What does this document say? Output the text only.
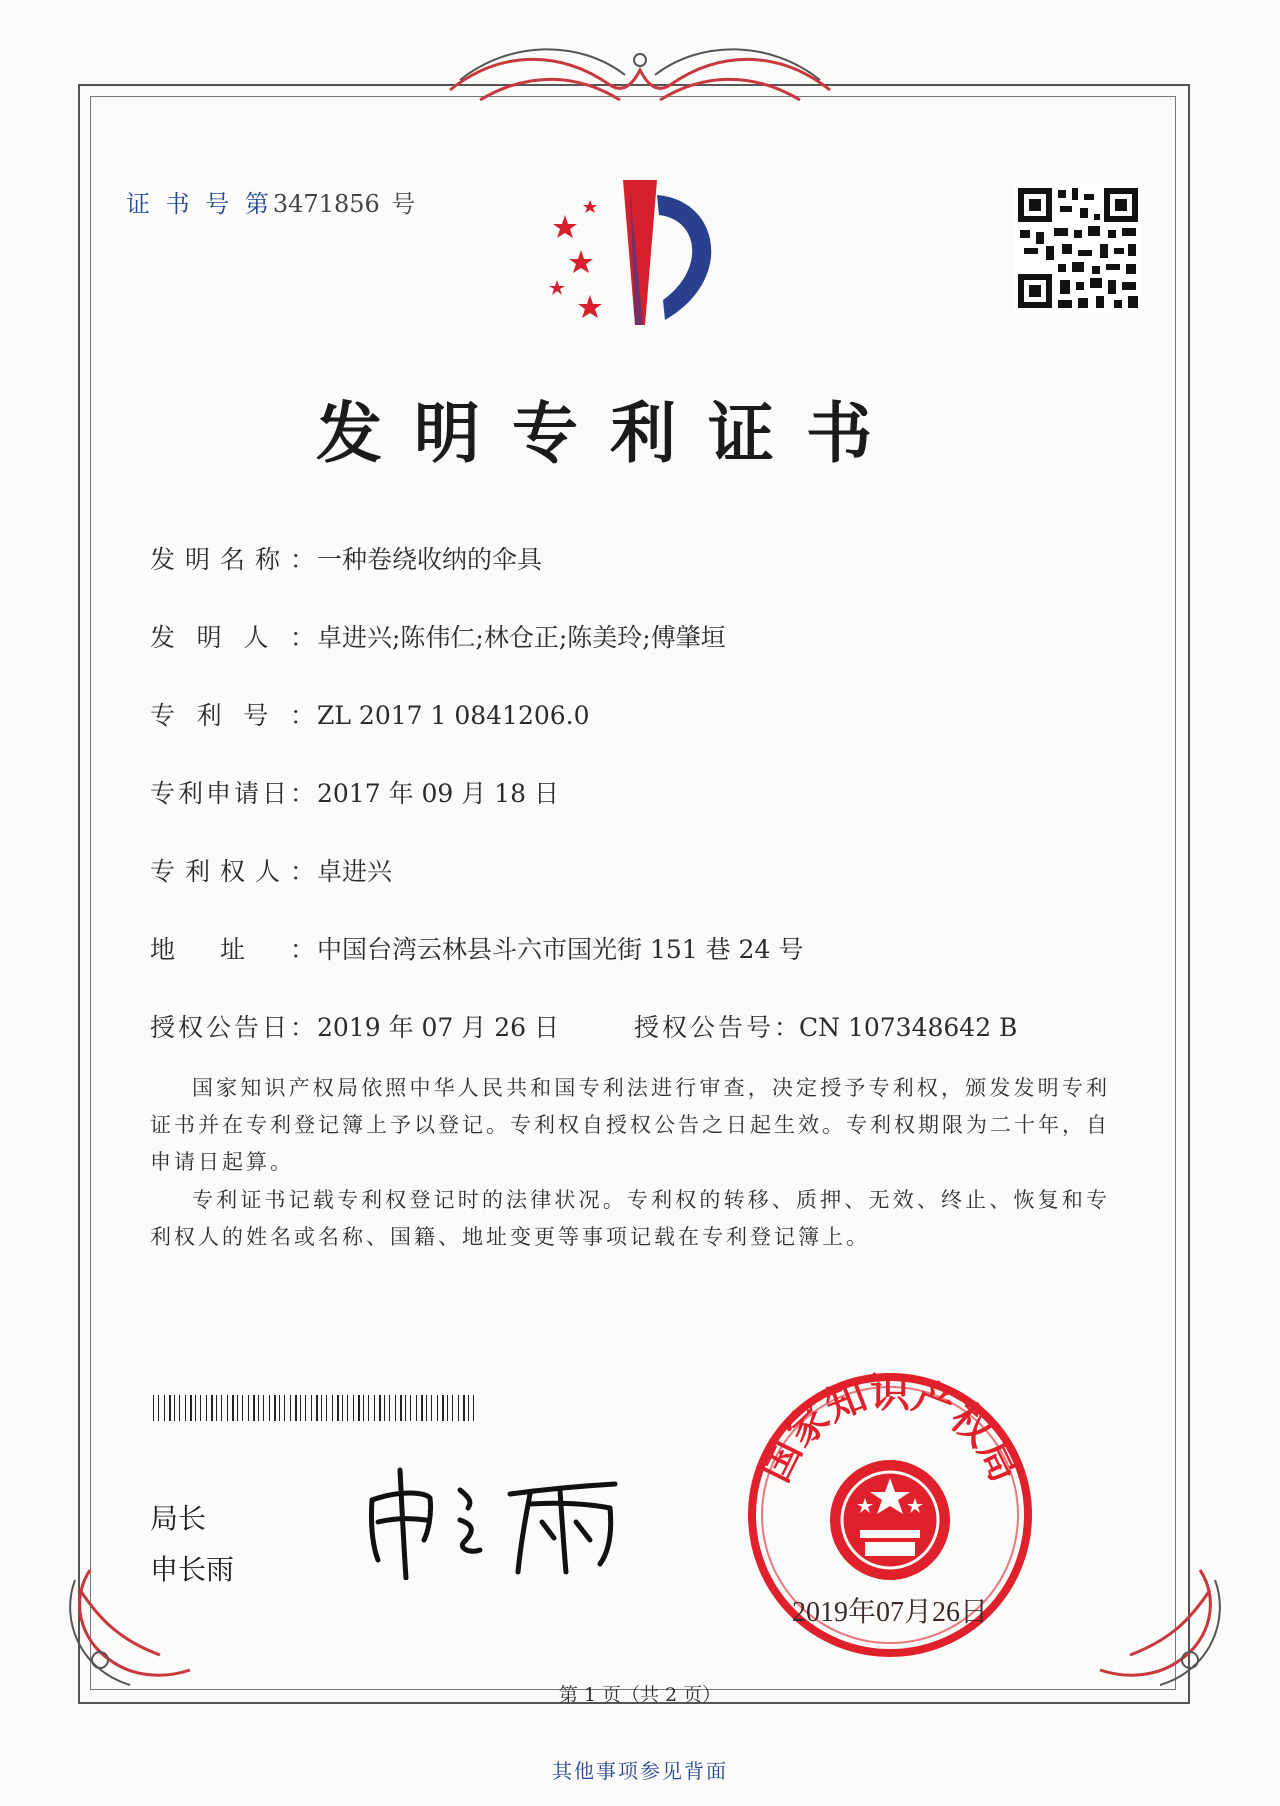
证 书 号 第3471856 号
发明专利证书
发明名称：一种卷绕收纳的伞具
发明人：卓进兴;陈伟仁;林仓正;陈美玲;傅肇垣
专利号：ZL 2017 1 0841206.0
专利申请日：2017 年 09 月 18 日
专利权人：卓进兴
地址：中国台湾云林县斗六市国光街 151 巷 24 号
授权公告日：2019 年 07 月 26 日	授权公告号：CN 107348642 B
国家知识产权局依照中华人民共和国专利法进行审查，决定授予专利权，颁发发明专利证书并在专利登记簿上予以登记。专利权自授权公告之日起生效。专利权期限为二十年，自申请日起算。
专利证书记载专利权登记时的法律状况。专利权的转移、质押、无效、终止、恢复和专利权人的姓名或名称、国籍、地址变更等事项记载在专利登记簿上。
局长
申长雨
国家知识产权局
2019年07月26日
第 1 页（共 2 页）
其他事项参见背面
